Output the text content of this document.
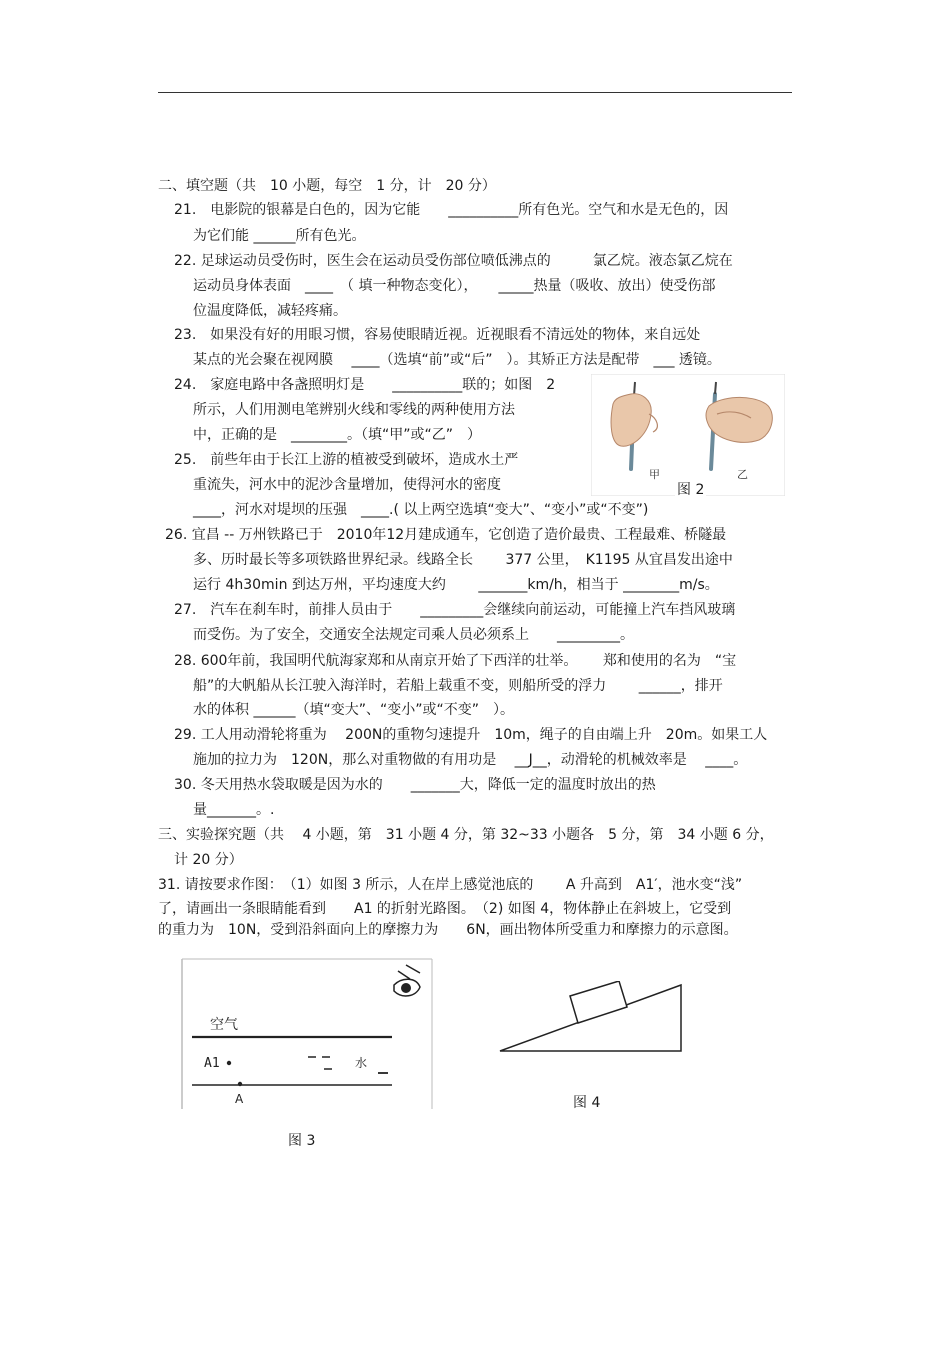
二、填空题（共　10 小题，每空　1 分，计　20 分）
21.　电影院的银幕是白色的，因为它能　　__________所有色光。空气和水是无色的，因
为它们能 ______所有色光。
22. 足球运动员受伤时，医生会在运动员受伤部位喷低沸点的　　　氯乙烷。液态氯乙烷在
运动员身体表面　____　（ 填一种物态变化），　　_____热量（吸收、放出）使受伤部
位温度降低，减轻疼痛。
23.　如果没有好的用眼习惯，容易使眼睛近视。近视眼看不清远处的物体，来自远处
某点的光会聚在视网膜　 ____（选填“前”或“后”　）。其矫正方法是配带　___ 透镜。
24.　家庭电路中各盏照明灯是　　__________联的；如图　2
所示，人们用测电笔辨别火线和零线的两种使用方法
中，正确的是　________。（填“甲”或“乙”　）
25.　前些年由于长江上游的植被受到破坏，造成水土严
重流失，河水中的泥沙含量增加，使得河水的密度
____，河水对堤坝的压强　____.( 以上两空选填“变大”、“变小”或“不变”)
甲	乙
图 2
26. 宜昌 -- 万州铁路已于　2010年12月建成通车，它创造了造价最贵、工程最难、桥隧最
多、历时最长等多项铁路世界纪录。线路全长　　 377 公里，　K1195 从宜昌发出途中
运行 4h30min 到达万州，平均速度大约　　 _______km/h，相当于 ________m/s。
27.　汽车在刹车时，前排人员由于　　_________会继续向前运动，可能撞上汽车挡风玻璃
而受伤。为了安全，交通安全法规定司乘人员必须系上　　_________。
28. 600年前，我国明代航海家郑和从南京开始了下西洋的壮举。　　 郑和使用的名为　“宝
船”的大帆船从长江驶入海洋时，若船上载重不变，则船所受的浮力　　 ______，排开
水的体积 ______（填“变大”、“变小”或“不变”　）。
29. 工人用动滑轮将重为　 200N的重物匀速提升　10m，绳子的自由端上升　20m。如果工人
施加的拉力为　120N，那么对重物做的有用功是　 __J__，动滑轮的机械效率是　 ____。
30. 冬天用热水袋取暖是因为水的　　_______大，降低一定的温度时放出的热
量_______。.
三、实验探究题（共　 4 小题，第　31 小题 4 分，第 32~33 小题各　5 分，第　34 小题 6 分，
计 20 分）
31. 请按要求作图：　（1）如图 3 所示，人在岸上感觉池底的　　 A 升高到　A1′，池水变“浅”
了，请画出一条眼睛能看到　　A1 的折射光路图。　（2) 如图 4，物体静止在斜坡上，它受到
的重力为　10N，受到沿斜面向上的摩擦力为　　6N，画出物体所受重力和摩擦力的示意图。
空气
A1	水
A
图 3
图 4
